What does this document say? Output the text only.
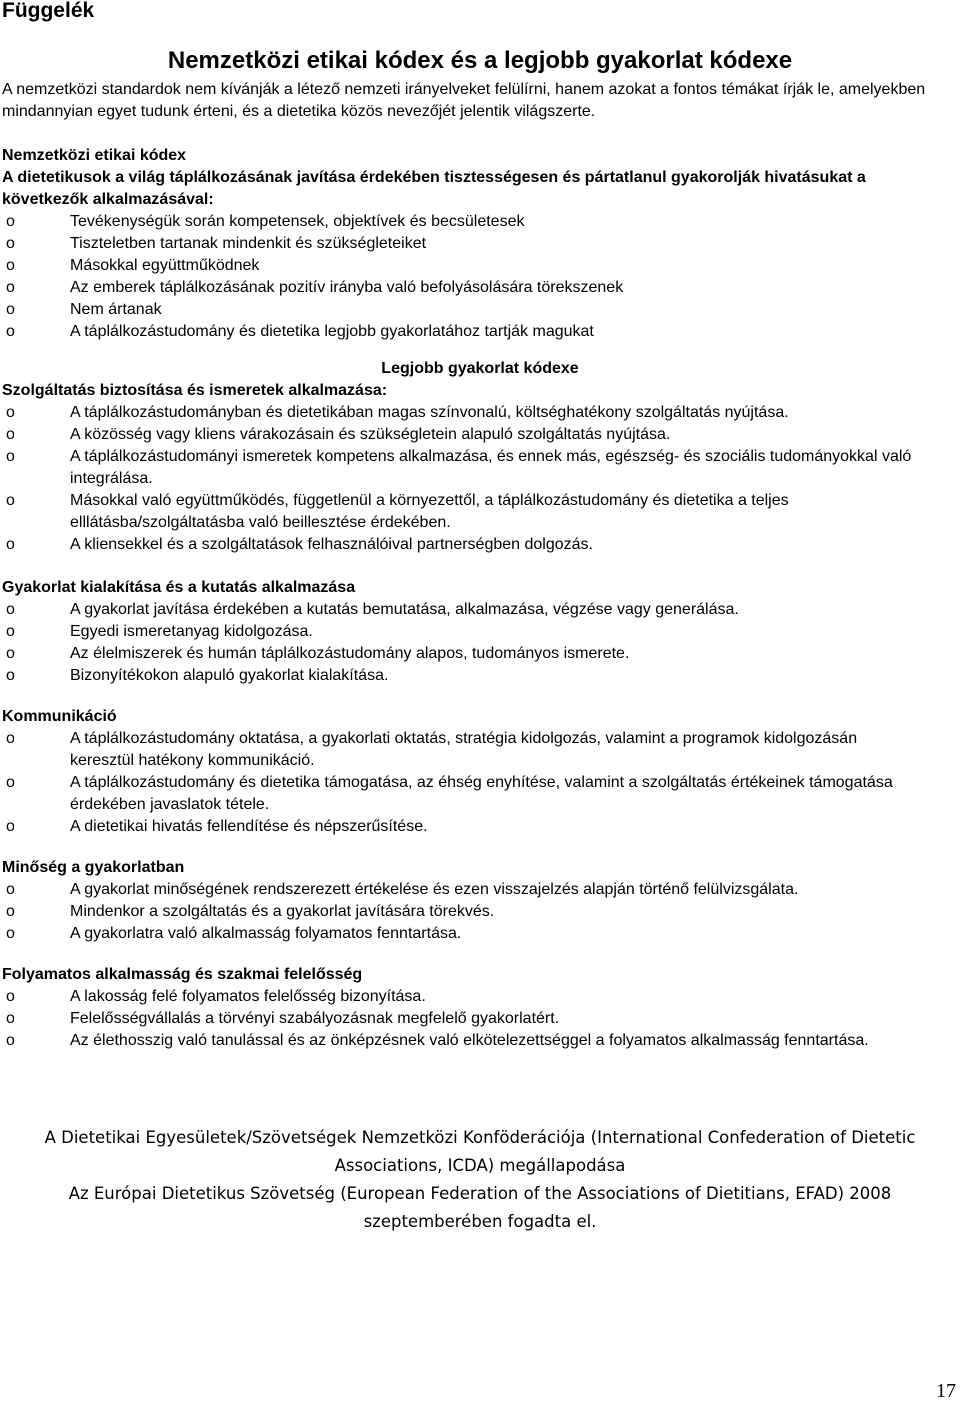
Függelék
Nemzetközi etikai kódex és a legjobb gyakorlat kódexe
A nemzetközi standardok nem kívánják a létező nemzeti irányelveket felülírni, hanem azokat a fontos témákat írják le, amelyekben mindannyian egyet tudunk érteni, és a dietetika közös nevezőjét jelentik világszerte.
Nemzetközi etikai kódex
A dietetikusok a világ táplálkozásának javítása érdekében tisztességesen és pártatlanul gyakorolják hivatásukat a következők alkalmazásával:
o	Tevékenységük során kompetensek, objektívek és becsületesek
o	Tiszteletben tartanak mindenkit és szükségleteiket
o	Másokkal együttműködnek
o	Az emberek táplálkozásának pozitív irányba való befolyásolására törekszenek
o	Nem ártanak
o	A táplálkozástudomány és dietetika legjobb gyakorlatához tartják magukat
Legjobb gyakorlat kódexe
Szolgáltatás biztosítása és ismeretek alkalmazása:
o	A táplálkozástudományban és dietetikában magas színvonalú, költséghatékony szolgáltatás nyújtása.
o	A közösség vagy kliens várakozásain és szükségletein alapuló szolgáltatás nyújtása.
o	A táplálkozástudományi ismeretek kompetens alkalmazása, és ennek más, egészség- és szociális tudományokkal való integrálása.
o	Másokkal való együttműködés, függetlenül a környezettől, a táplálkozástudomány és dietetika a teljes elllátásba/szolgáltatásba való beillesztése érdekében.
o	A kliensekkel és a szolgáltatások felhasználóival partnerségben dolgozás.
Gyakorlat kialakítása és a kutatás alkalmazása
o	A gyakorlat javítása érdekében a kutatás bemutatása, alkalmazása, végzése vagy generálása.
o	Egyedi ismeretanyag kidolgozása.
o	Az élelmiszerek és humán táplálkozástudomány alapos, tudományos ismerete.
o	Bizonyítékokon alapuló gyakorlat kialakítása.
Kommunikáció
o	A táplálkozástudomány oktatása, a gyakorlati oktatás, stratégia kidolgozás, valamint a programok kidolgozásán keresztül hatékony kommunikáció.
o	A táplálkozástudomány és dietetika támogatása, az éhség enyhítése, valamint a szolgáltatás értékeinek támogatása érdekében javaslatok tétele.
o	A dietetikai hivatás fellendítése és népszerűsítése.
Minőség a gyakorlatban
o	A gyakorlat minőségének rendszerezett értékelése és ezen visszajelzés alapján történő felülvizsgálata.
o	Mindenkor a szolgáltatás és a gyakorlat javítására törekvés.
o	A gyakorlatra való alkalmasság folyamatos fenntartása.
Folyamatos alkalmasság és szakmai felelősség
o	A lakosság felé folyamatos felelősség bizonyítása.
o	Felelősségvállalás a törvényi szabályozásnak megfelelő gyakorlatért.
o	Az élethosszig való tanulással és az önképzésnek való elkötelezettséggel a folyamatos alkalmasság fenntartása.
A Dietetikai Egyesületek/Szövetségek Nemzetközi Konföderációja (International Confederation of Dietetic Associations, ICDA) megállapodása
Az Európai Dietetikus Szövetség (European Federation of the Associations of Dietitians, EFAD) 2008 szeptemberében fogadta el.
17
